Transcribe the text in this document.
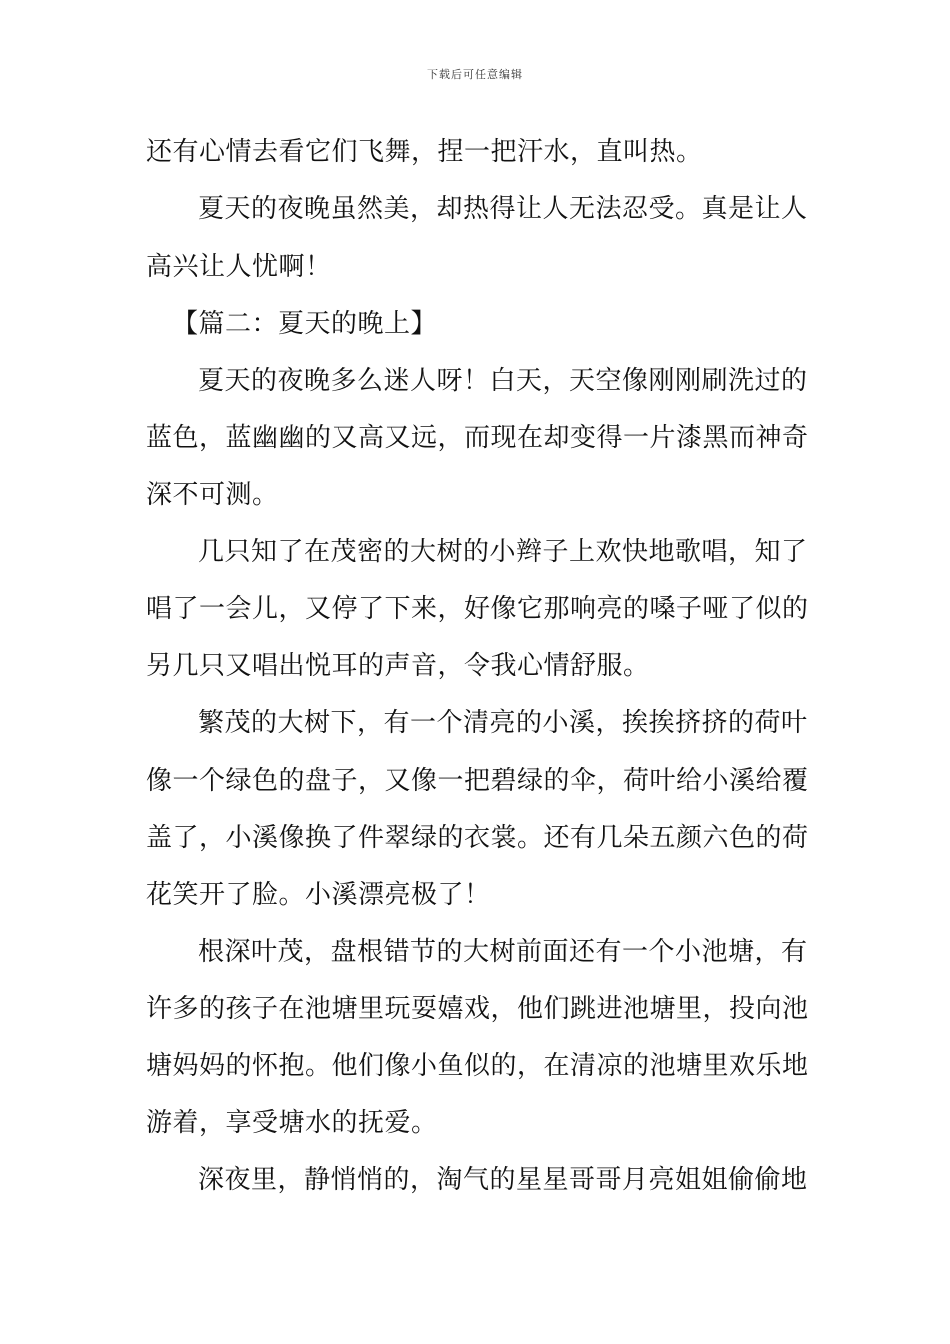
下载后可任意编辑
还有心情去看它们飞舞，捏一把汗水，直叫热。
夏天的夜晚虽然美，却热得让人无法忍受。真是让人
高兴让人忧啊！
【篇二：夏天的晚上】
夏天的夜晚多么迷人呀！白天，天空像刚刚刷洗过的
蓝色，蓝幽幽的又高又远，而现在却变得一片漆黑而神奇
深不可测。
几只知了在茂密的大树的小辫子上欢快地歌唱，知了
唱了一会儿，又停了下来，好像它那响亮的嗓子哑了似的
另几只又唱出悦耳的声音，令我心情舒服。
繁茂的大树下，有一个清亮的小溪，挨挨挤挤的荷叶
像一个绿色的盘子，又像一把碧绿的伞，荷叶给小溪给覆
盖了，小溪像换了件翠绿的衣裳。还有几朵五颜六色的荷
花笑开了脸。小溪漂亮极了！
根深叶茂，盘根错节的大树前面还有一个小池塘，有
许多的孩子在池塘里玩耍嬉戏，他们跳进池塘里，投向池
塘妈妈的怀抱。他们像小鱼似的，在清凉的池塘里欢乐地
游着，享受塘水的抚爱。
深夜里，静悄悄的，淘气的星星哥哥月亮姐姐偷偷地
